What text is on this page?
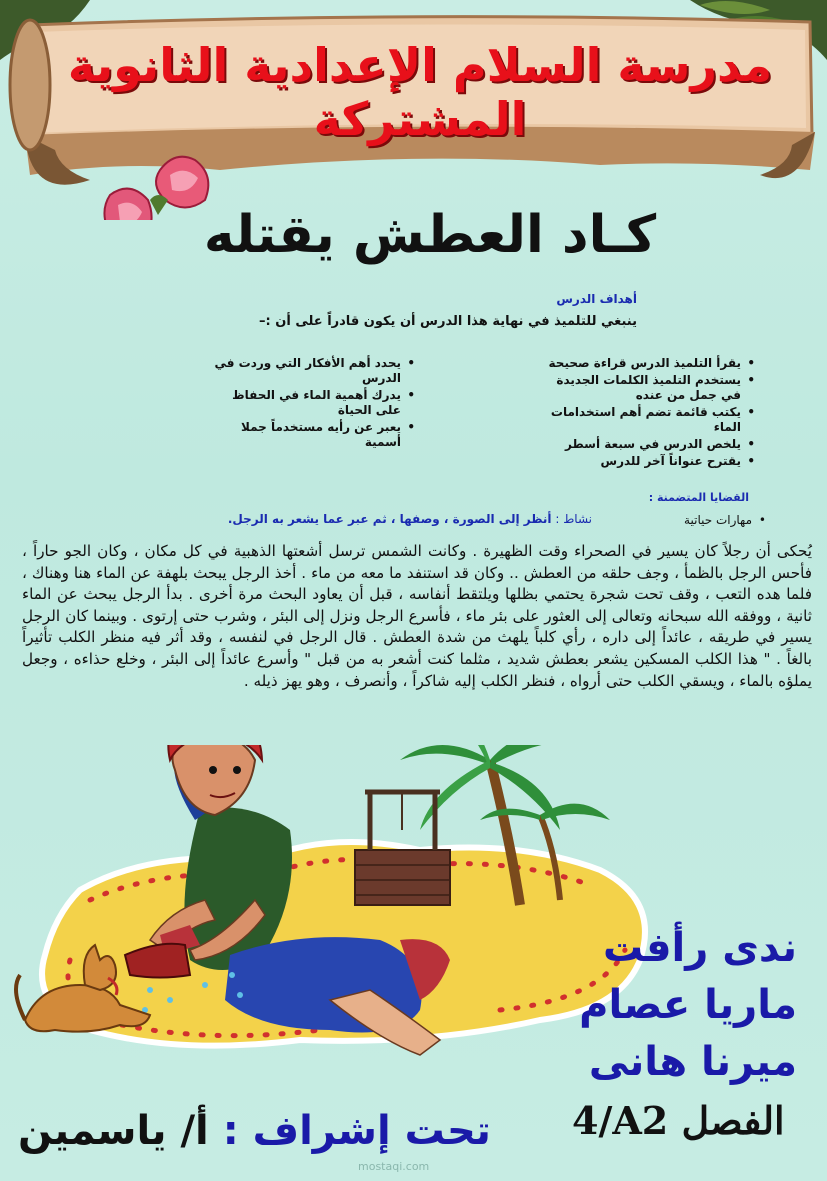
مدرسة السلام الإعدادية الثانوية المشتركة
كـاد العطش يقتله
أهداف الدرس
ينبغي للتلميذ في نهاية هذا الدرس أن يكون قادراً على أن :–
• يقرأ التلميذ الدرس قراءة صحيحة
• يستخدم التلميذ الكلمات الجديدة في جمل من عنده
• يكتب قائمة تضم أهم استخدامات الماء
• يلخص الدرس في سبعة أسطر
• يقترح عنواناً آخر للدرس
• يحدد أهم الأفكار التي وردت في الدرس
• يدرك أهمية الماء في الحفاظ على الحياة
• يعبر عن رأيه مستخدماً جملا أسمية
القضايا المتضمنة :
• مهارات حياتية
نشاط : أنظر إلى الصورة ، وصفها ، ثم عبر عما يشعر به الرجل.
يُحكى أن رجلاً كان يسير في الصحراء وقت الظهيرة . وكانت الشمس ترسل أشعتها الذهبية في كل مكان ، وكان الجو حاراً ، فأحس الرجل بالظمأ ، وجف حلقه من العطش .. وكان قد استنفد ما معه من ماء . أخذ الرجل يبحث بلهفة عن الماء هنا وهناك ، فلما هده التعب ، وقف تحت شجرة يحتمي بظلها ويلتقط أنفاسه ، قبل أن يعاود البحث مرة أخرى . بدأ الرجل يبحث عن الماء ثانية ، ووفقه الله سبحانه وتعالى إلى العثور على بئر ماء ، فأسرع الرجل ونزل إلى البئر ، وشرب حتى إرتوى . وبينما كان الرجل يسير في طريقه ، عائداً إلى داره ، رأي كلباً يلهث من شدة العطش . قال الرجل في لنفسه ، وقد أثر فيه منظر الكلب تأثيراً بالغاً . " هذا الكلب المسكين يشعر بعطش شديد ، مثلما كنت أشعر به من قبل " وأسرع عائداً إلى البئر ، وخلع حذاءه ، وجعل يملؤه بالماء ، ويسقي الكلب حتى أرواه ، فنظر الكلب إليه شاكراً ، وأنصرف ، وهو يهز ذيله .
ندى رأفت
ماريا عصام
ميرنا هانى
الفصل 4/A2
تحت إشراف : أ/ ياسمين
mostaqi.com
